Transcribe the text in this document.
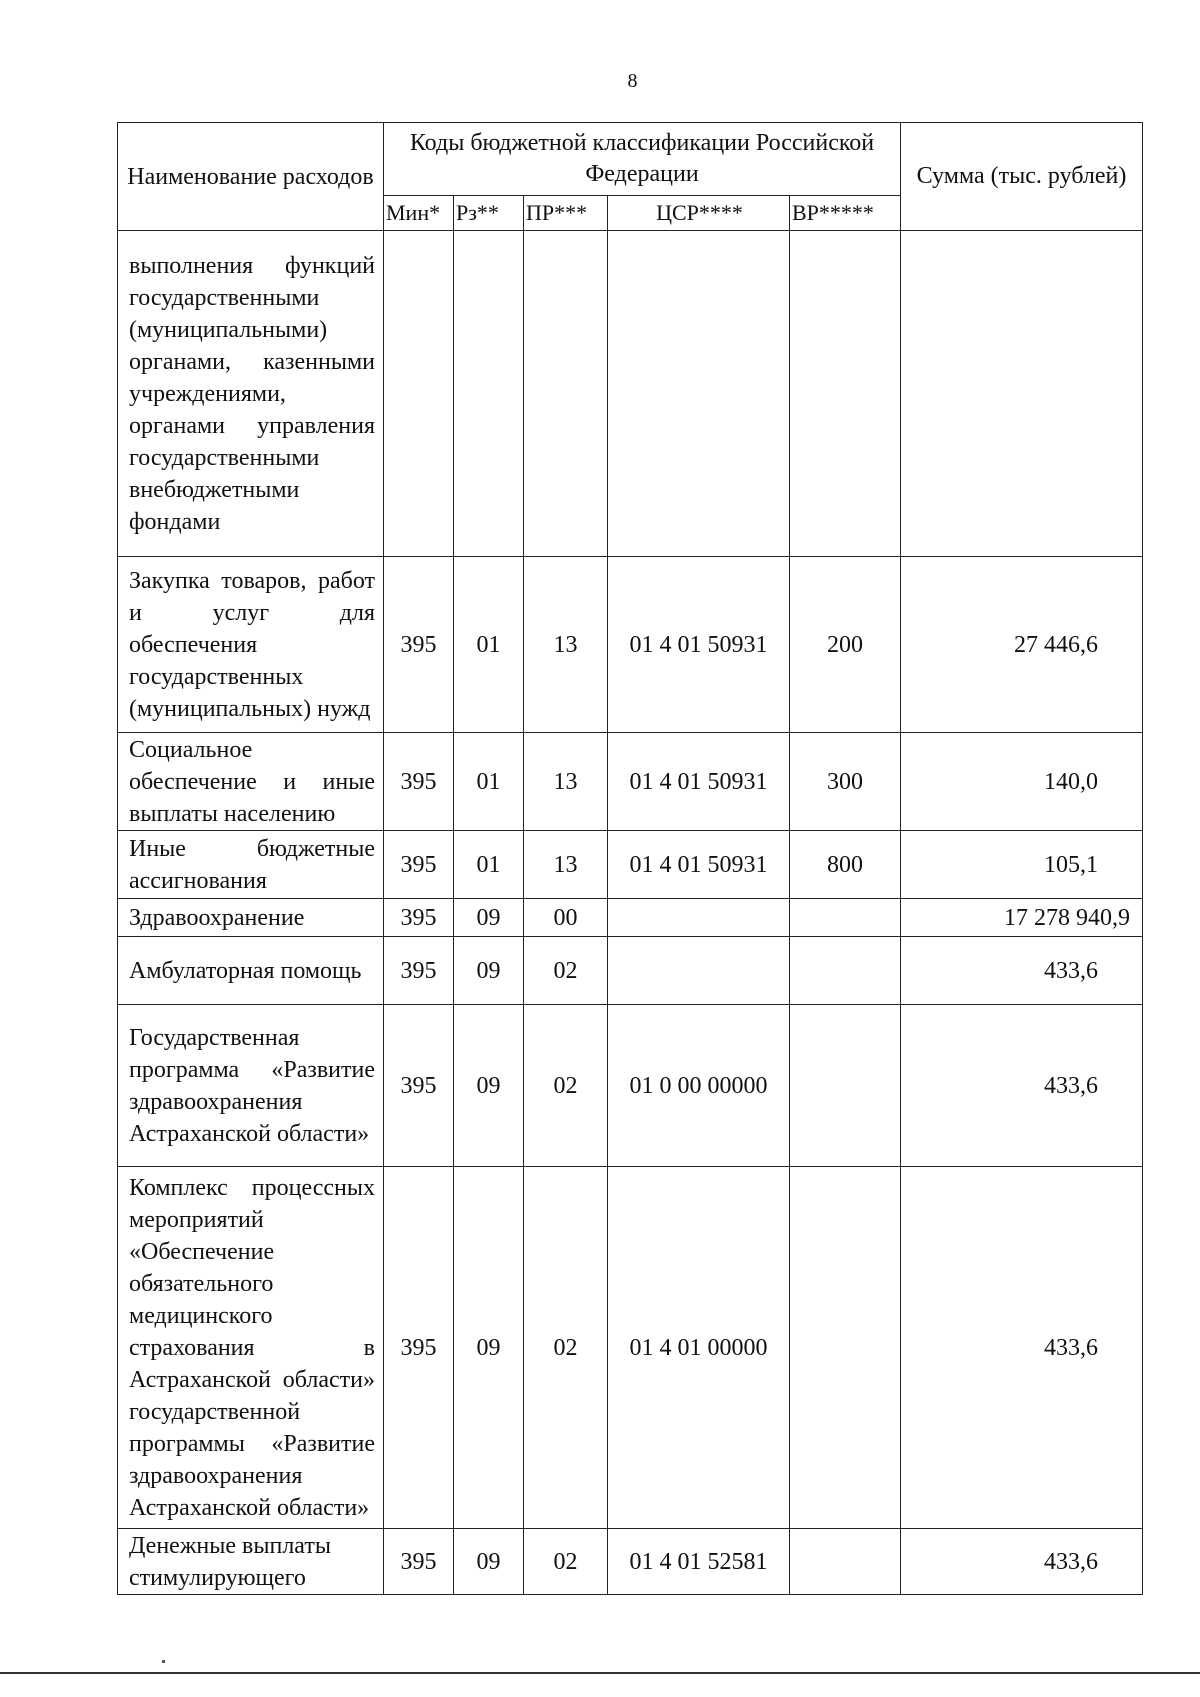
8
Наименование расходов	Коды бюджетной классификации Российской Федерации					Сумма (тыс. рублей)
	Мин*	Рз**	ПР***	ЦСР****	ВР*****	
выполнения функций государственными (муниципальными) органами, казенными учреждениями, органами управления государственными внебюджетными фондами						
Закупка товаров, работ и услуг для обеспечения государственных (муниципальных) нужд	395	01	13	01 4 01 50931	200	27 446,6
Социальное обеспечение и иные выплаты населению	395	01	13	01 4 01 50931	300	140,0
Иные бюджетные ассигнования	395	01	13	01 4 01 50931	800	105,1
Здравоохранение	395	09	00			17 278 940,9
Амбулаторная помощь	395	09	02			433,6
Государственная программа «Развитие здравоохранения Астраханской области»	395	09	02	01 0 00 00000		433,6
Комплекс процессных мероприятий «Обеспечение обязательного медицинского страхования в Астраханской области» государственной программы «Развитие здравоохранения Астраханской области»	395	09	02	01 4 01 00000		433,6
Денежные выплаты стимулирующего	395	09	02	01 4 01 52581		433,6
